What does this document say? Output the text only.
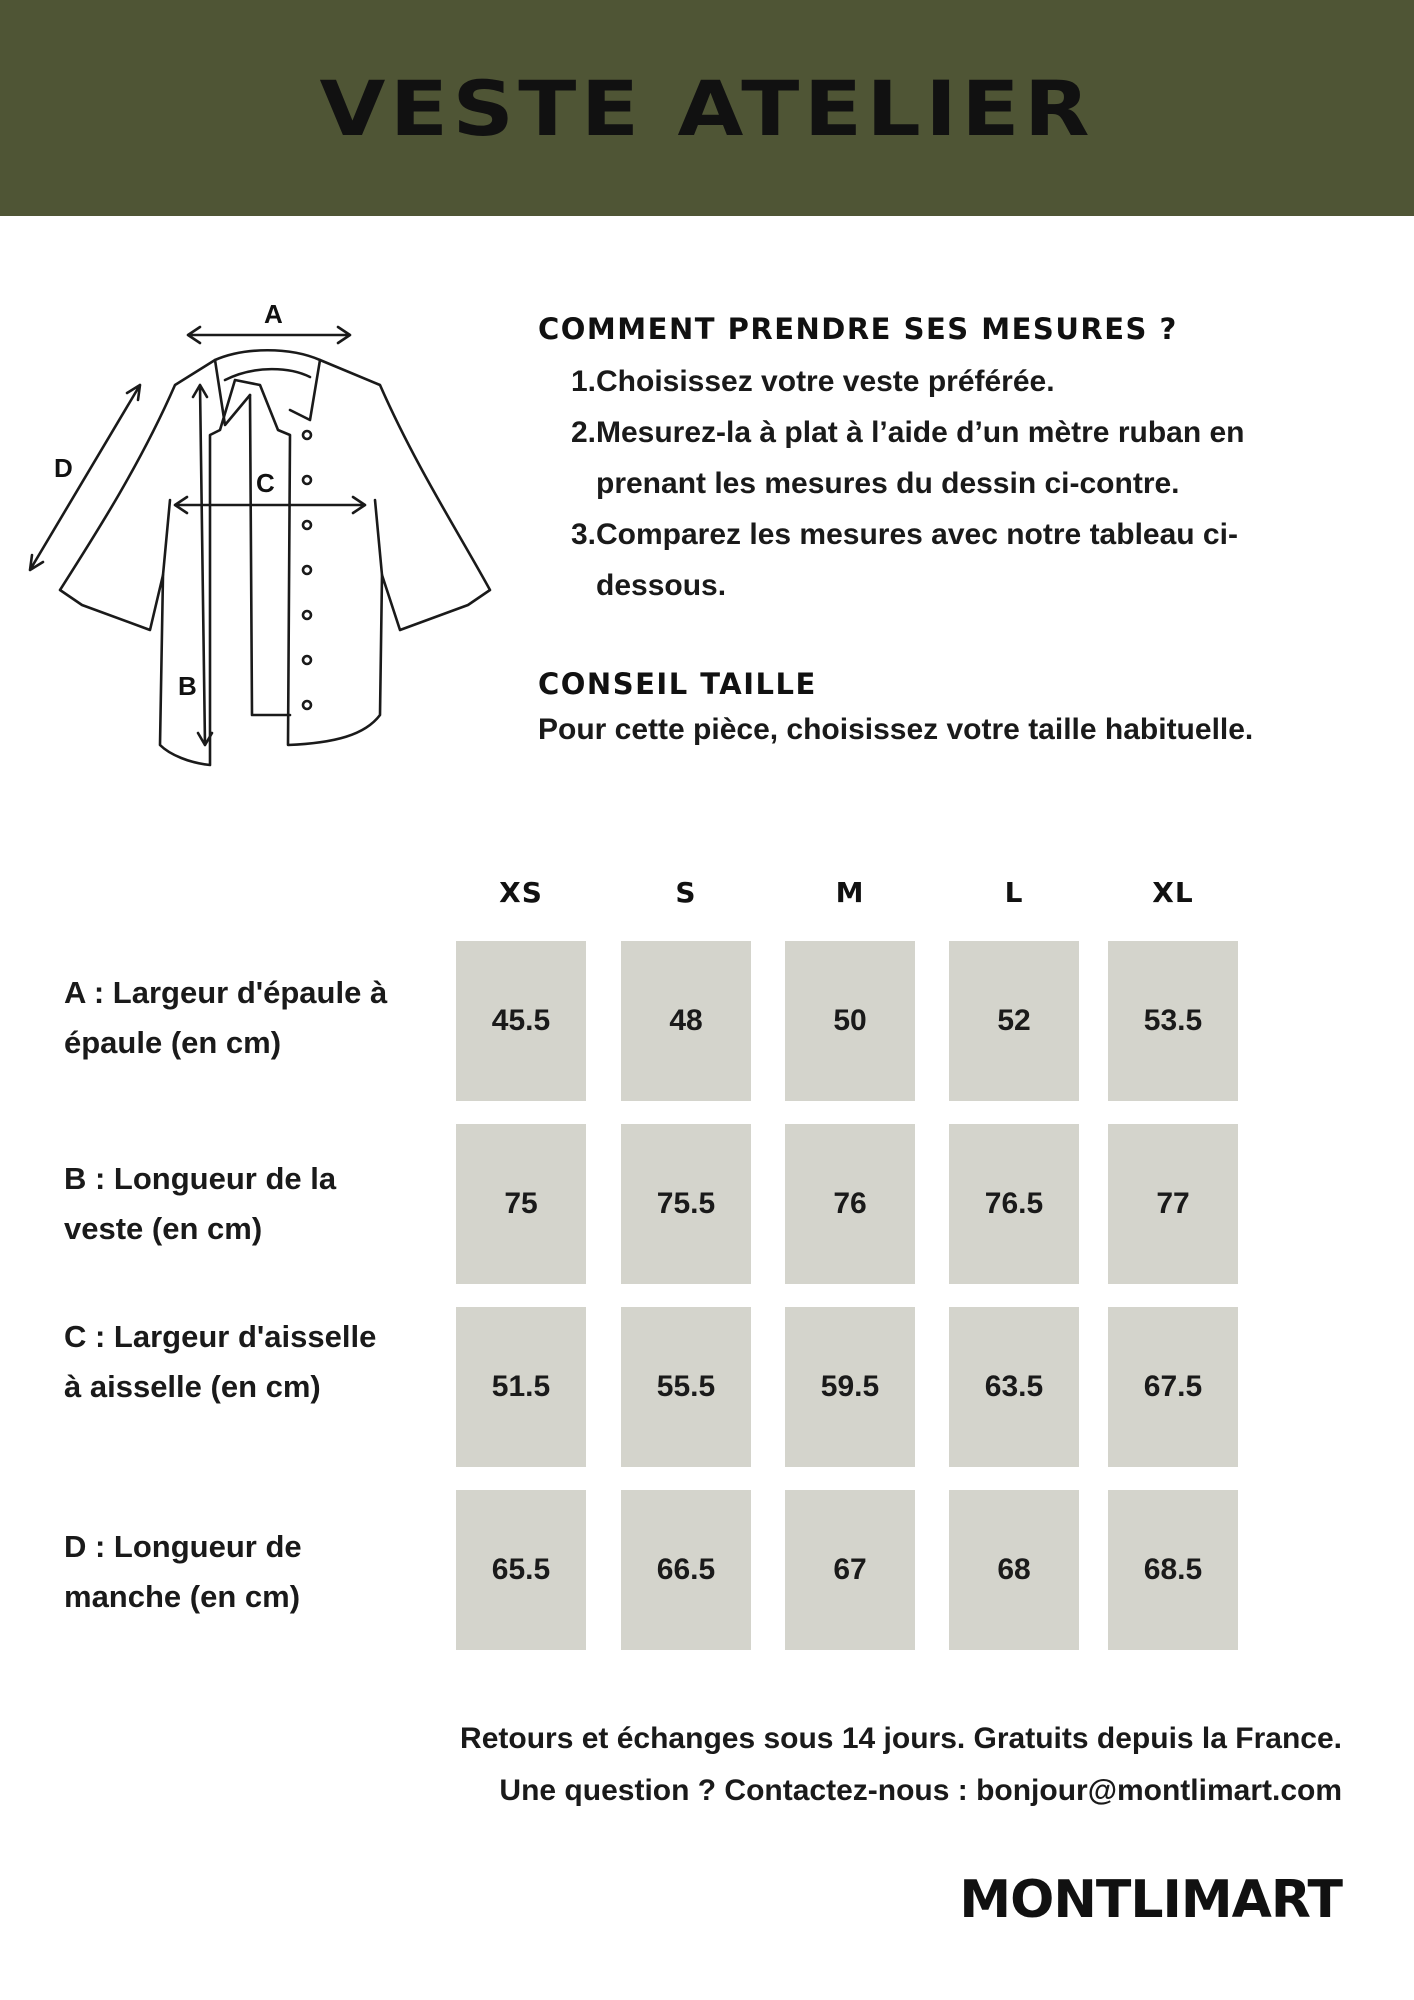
VESTE ATELIER
A
D	C
B
COMMENT PRENDRE SES MESURES ?
1. Choisissez votre veste préférée.
2. Mesurez-la à plat à l’aide d’un mètre ruban en prenant les mesures du dessin ci-contre.
3. Comparez les mesures avec notre tableau ci-dessous.
CONSEIL TAILLE
Pour cette pièce, choisissez votre taille habituelle.
XS	S	M	L	XL
A : Largeur d'épaule à épaule (en cm)
45.5	48	50	52	53.5
B : Longueur de la veste (en cm)
75	75.5	76	76.5	77
C : Largeur d'aisselle à aisselle (en cm)	51.5	55.5	59.5	63.5	67.5
D : Longueur de manche (en cm)
65.5	66.5	67	68	68.5
Retours et échanges sous 14 jours. Gratuits depuis la France.
Une question ? Contactez-nous : bonjour@montlimart.com
MONTLIMART
